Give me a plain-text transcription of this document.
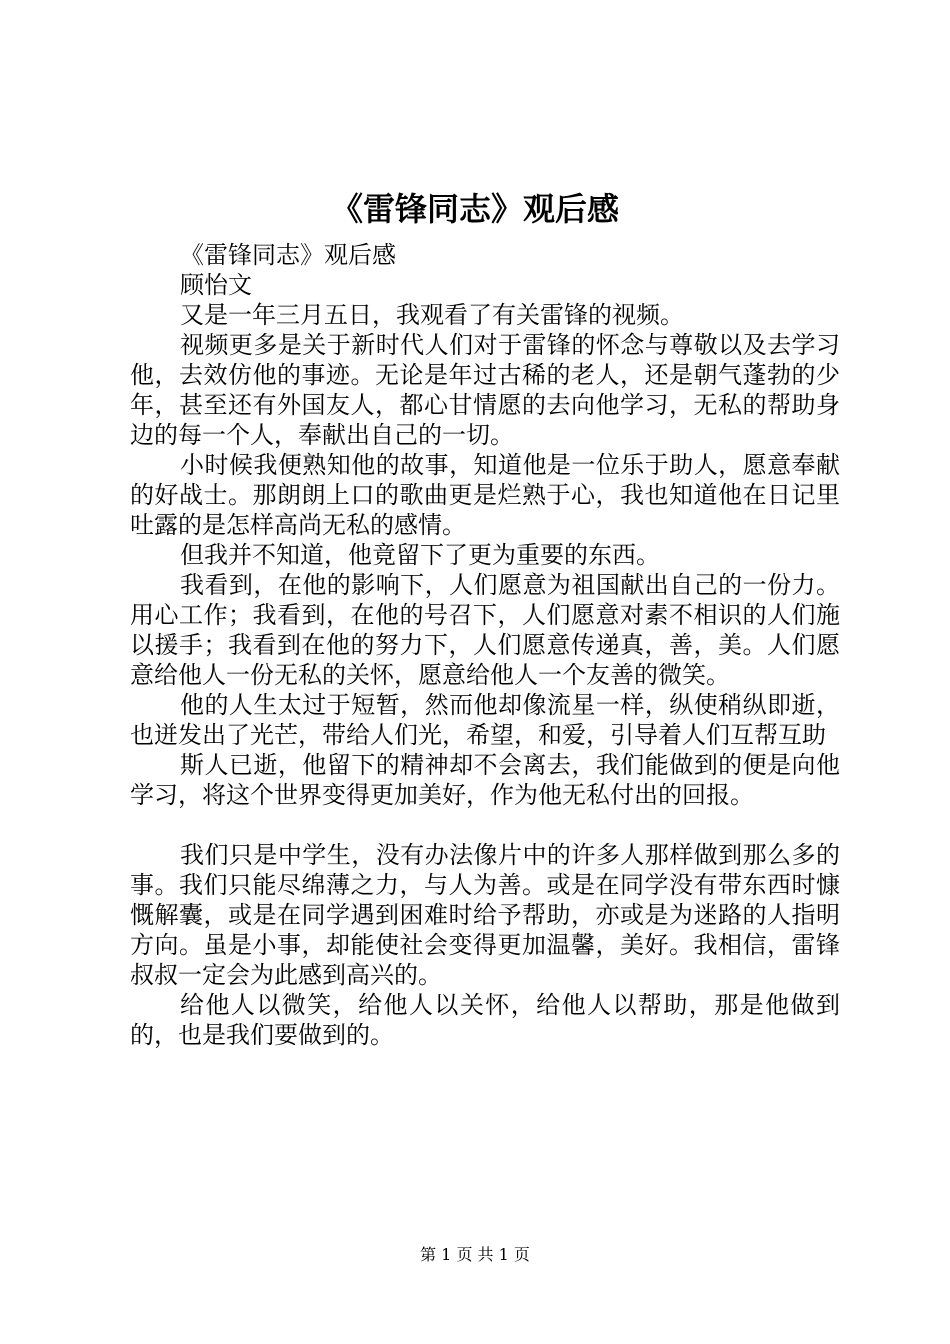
《雷锋同志》观后感

《雷锋同志》观后感

顾怡文

又是一年三月五日，我观看了有关雷锋的视频。

视频更多是关于新时代人们对于雷锋的怀念与尊敬以及去学习他，去效仿他的事迹。无论是年过古稀的老人，还是朝气蓬勃的少年，甚至还有外国友人，都心甘情愿的去向他学习，无私的帮助身边的每一个人，奉献出自己的一切。

小时候我便熟知他的故事，知道他是一位乐于助人，愿意奉献的好战士。那朗朗上口的歌曲更是烂熟于心，我也知道他在日记里吐露的是怎样高尚无私的感情。

但我并不知道，他竟留下了更为重要的东西。

我看到，在他的影响下，人们愿意为祖国献出自己的一份力。用心工作；我看到，在他的号召下，人们愿意对素不相识的人们施以援手；我看到在他的努力下，人们愿意传递真，善，美。人们愿意给他人一份无私的关怀，愿意给他人一个友善的微笑。

他的人生太过于短暂，然而他却像流星一样，纵使稍纵即逝，也迸发出了光芒，带给人们光，希望，和爱，引导着人们互帮互助

斯人已逝，他留下的精神却不会离去，我们能做到的便是向他学习，将这个世界变得更加美好，作为他无私付出的回报。

我们只是中学生，没有办法像片中的许多人那样做到那么多的事。我们只能尽绵薄之力，与人为善。或是在同学没有带东西时慷慨解囊，或是在同学遇到困难时给予帮助，亦或是为迷路的人指明方向。虽是小事，却能使社会变得更加温馨，美好。我相信，雷锋叔叔一定会为此感到高兴的。

给他人以微笑，给他人以关怀，给他人以帮助，那是他做到的，也是我们要做到的。

第 1 页 共 1 页
